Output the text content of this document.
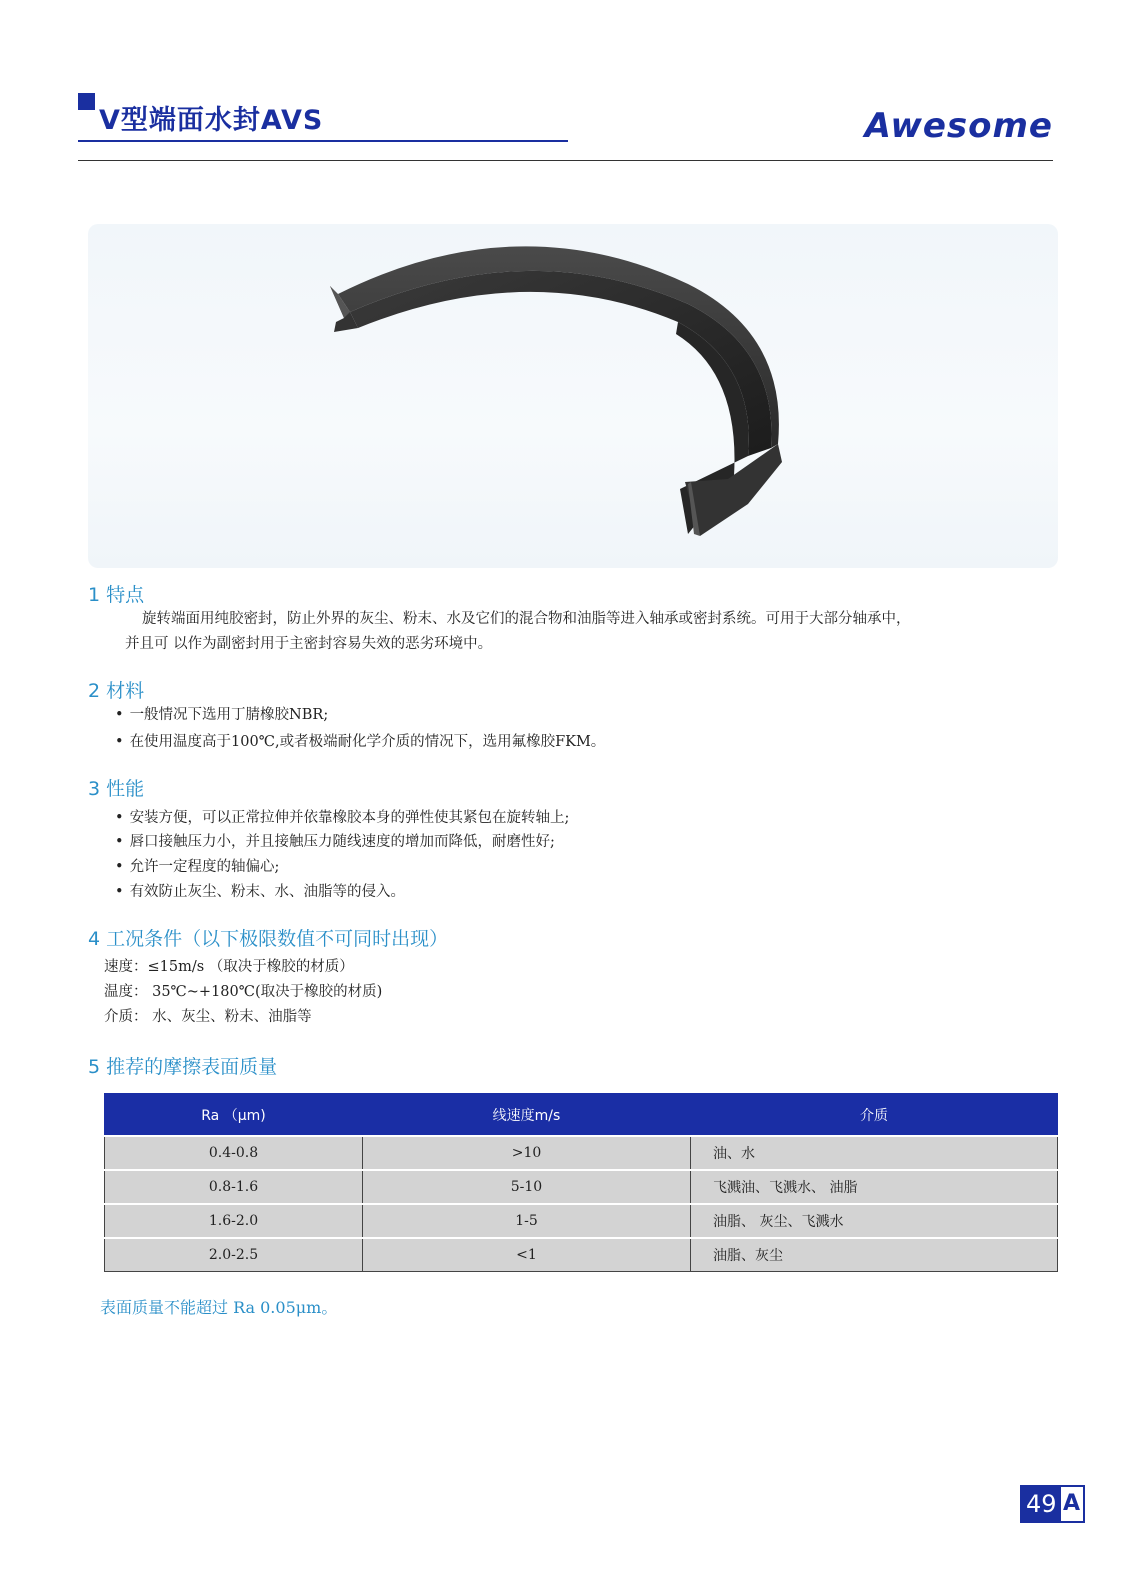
V型端面水封AVS	Awesome
1 特点
旋转端面用纯胶密封，防止外界的灰尘、粉末、水及它们的混合物和油脂等进入轴承或密封系统。可用于大部分轴承中，
并且可 以作为副密封用于主密封容易失效的恶劣环境中。
2 材料
• 一般情况下选用丁腈橡胶NBR;
• 在使用温度高于100℃,或者极端耐化学介质的情况下，选用氟橡胶FKM。
3 性能
• 安装方便，可以正常拉伸并依靠橡胶本身的弹性使其紧包在旋转轴上;
• 唇口接触压力小，并且接触压力随线速度的增加而降低，耐磨性好;
• 允许一定程度的轴偏心;
• 有效防止灰尘、粉末、水、油脂等的侵入。
4 工况条件（以下极限数值不可同时出现）
速度：≤15m/s （取决于橡胶的材质）
温度： 35℃~+180℃(取决于橡胶的材质)
介质： 水、灰尘、粉末、油脂等
5 推荐的摩擦表面质量
Ra （μm)	线速度m/s	介质
0.4-0.8	>10	油、水
0.8-1.6	5-10	飞溅油、飞溅水、 油脂
1.6-2.0	1-5	油脂、 灰尘、飞溅水
2.0-2.5	<1	油脂、灰尘
表面质量不能超过 Ra 0.05μm。
49 A
